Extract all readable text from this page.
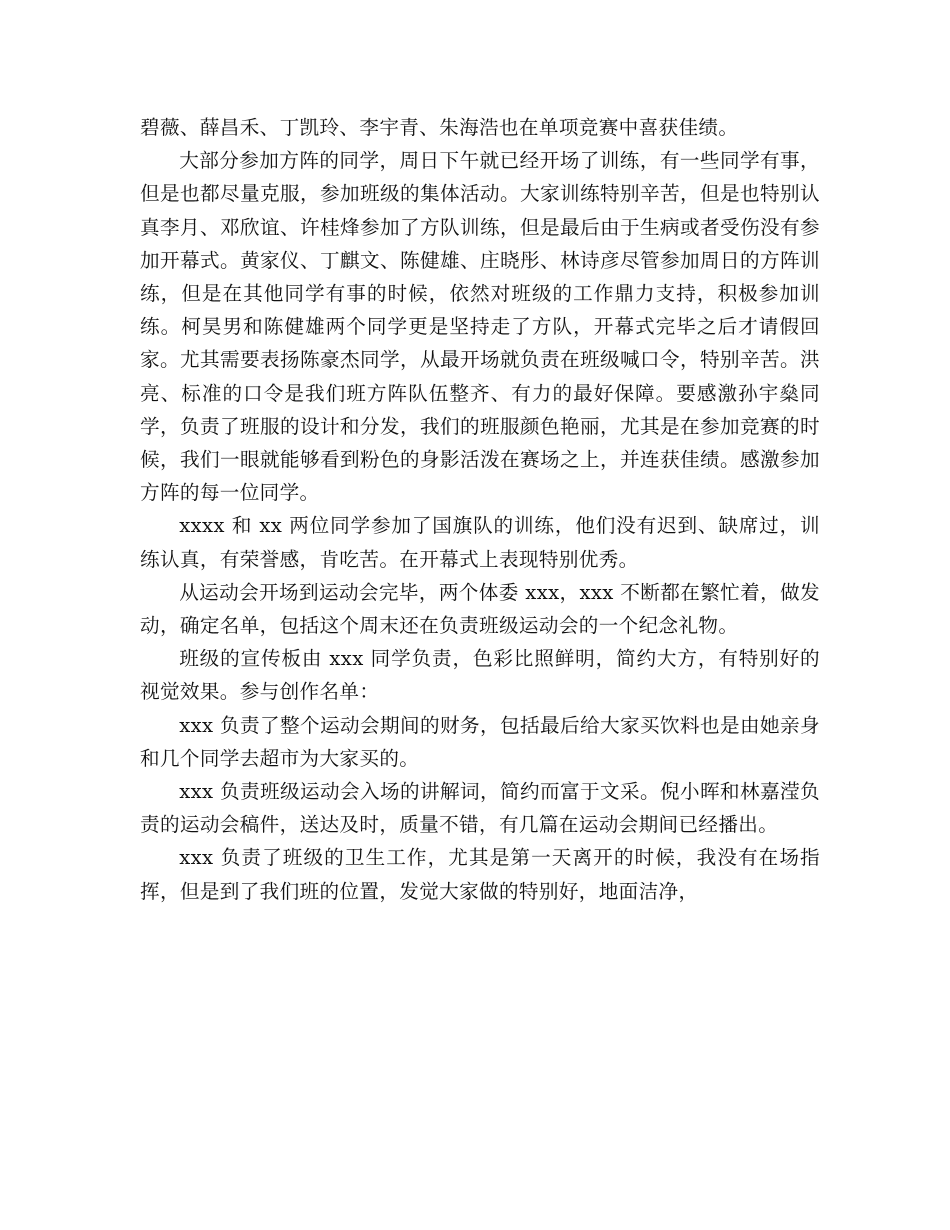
碧薇、薛昌禾、丁凯玲、李宇青、朱海浩也在单项竞赛中喜获佳绩。

大部分参加方阵的同学，周日下午就已经开场了训练，有一些同学有事，但是也都尽量克服，参加班级的集体活动。大家训练特别辛苦，但是也特别认真李月、邓欣谊、许桂烽参加了方队训练，但是最后由于生病或者受伤没有参加开幕式。黄家仪、丁麒文、陈健雄、庄晓彤、林诗彦尽管参加周日的方阵训练，但是在其他同学有事的时候，依然对班级的工作鼎力支持，积极参加训练。柯昊男和陈健雄两个同学更是坚持走了方队，开幕式完毕之后才请假回家。尤其需要表扬陈豪杰同学，从最开场就负责在班级喊口令，特别辛苦。洪亮、标准的口令是我们班方阵队伍整齐、有力的最好保障。要感激孙宇燊同学，负责了班服的设计和分发，我们的班服颜色艳丽，尤其是在参加竞赛的时候，我们一眼就能够看到粉色的身影活泼在赛场之上，并连获佳绩。感激参加方阵的每一位同学。

xxxx 和 xx 两位同学参加了国旗队的训练，他们没有迟到、缺席过，训练认真，有荣誉感，肯吃苦。在开幕式上表现特别优秀。

从运动会开场到运动会完毕，两个体委 xxx，xxx 不断都在繁忙着，做发动，确定名单，包括这个周末还在负责班级运动会的一个纪念礼物。

班级的宣传板由 xxx 同学负责，色彩比照鲜明，简约大方，有特别好的视觉效果。参与创作名单：

xxx 负责了整个运动会期间的财务，包括最后给大家买饮料也是由她亲身和几个同学去超市为大家买的。

xxx 负责班级运动会入场的讲解词，简约而富于文采。倪小晖和林嘉滢负责的运动会稿件，送达及时，质量不错，有几篇在运动会期间已经播出。

xxx 负责了班级的卫生工作，尤其是第一天离开的时候，我没有在场指挥，但是到了我们班的位置，发觉大家做的特别好，地面洁净，
